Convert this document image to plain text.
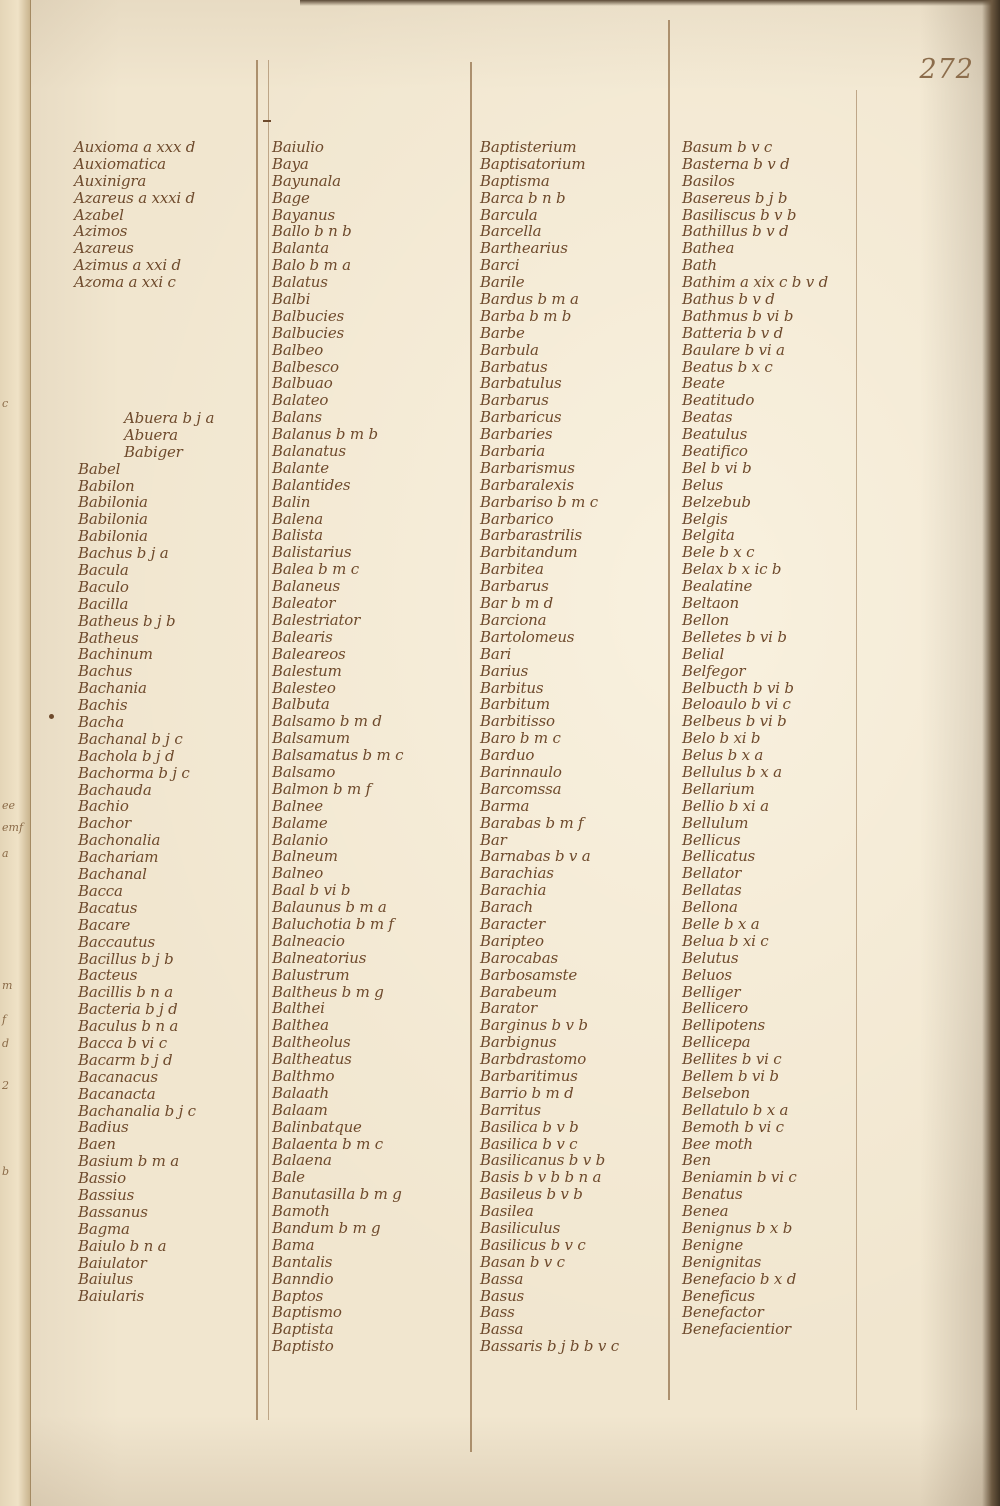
c
ee
emf
a
m
f
d
2
b
272
Auxioma a xxx d
Auxiomatica
Auxinigra
Azareus a xxxi d
Azabel
Azimos
Azareus
Azimus a xxi d
Azoma a xxi c
Abuera b j a
Abuera
Babiger
Babel
Babilon
Babilonia
Babilonia
Babilonia
Bachus b j a
Bacula
Baculo
Bacilla
Batheus b j b
Batheus
Bachinum
Bachus
Bachania
Bachis
Bacha
Bachanal b j c
Bachola b j d
Bachorma b j c
Bachauda
Bachio
Bachor
Bachonalia
Bachariam
Bachanal
Bacca
Bacatus
Bacare
Baccautus
Bacillus b j b
Bacteus
Bacillis b n a
Bacteria b j d
Baculus b n a
Bacca b vi c
Bacarm b j d
Bacanacus
Bacanacta
Bachanalia b j c
Badius
Baen
Basium b m a
Bassio
Bassius
Bassanus
Bagma
Baiulo b n a
Baiulator
Baiulus
Baiularis
Baiulio
Baya
Bayunala
Bage
Bayanus
Ballo b n b
Balanta
Balo b m a
Balatus
Balbi
Balbucies
Balbucies
Balbeo
Balbesco
Balbuao
Balateo
Balans
Balanus b m b
Balanatus
Balante
Balantides
Balin
Balena
Balista
Balistarius
Balea b m c
Balaneus
Baleator
Balestriator
Balearis
Baleareos
Balestum
Balesteo
Balbuta
Balsamo b m d
Balsamum
Balsamatus b m c
Balsamo
Balmon b m f
Balnee
Balame
Balanio
Balneum
Balneo
Baal b vi b
Balaunus b m a
Baluchotia b m f
Balneacio
Balneatorius
Balustrum
Baltheus b m g
Balthei
Balthea
Baltheolus
Baltheatus
Balthmo
Balaath
Balaam
Balinbatque
Balaenta b m c
Balaena
Bale
Banutasilla b m g
Bamoth
Bandum b m g
Bama
Bantalis
Banndio
Baptos
Baptismo
Baptista
Baptisto
Baptisterium
Baptisatorium
Baptisma
Barca b n b
Barcula
Barcella
Barthearius
Barci
Barile
Bardus b m a
Barba b m b
Barbe
Barbula
Barbatus
Barbatulus
Barbarus
Barbaricus
Barbaries
Barbaria
Barbarismus
Barbaralexis
Barbariso b m c
Barbarico
Barbarastrilis
Barbitandum
Barbitea
Barbarus
Bar b m d
Barciona
Bartolomeus
Bari
Barius
Barbitus
Barbitum
Barbitisso
Baro b m c
Barduo
Barinnaulo
Barcomssa
Barma
Barabas b m f
Bar
Barnabas b v a
Barachias
Barachia
Barach
Baracter
Baripteo
Barocabas
Barbosamste
Barabeum
Barator
Barginus b v b
Barbignus
Barbdrastomo
Barbaritimus
Barrio b m d
Barritus
Basilica b v b
Basilica b v c
Basilicanus b v b
Basis b v b b n a
Basileus b v b
Basilea
Basiliculus
Basilicus b v c
Basan b v c
Bassa
Basus
Bass
Bassa
Bassaris b j b b v c
Basum b v c
Basterna b v d
Basilos
Basereus b j b
Basiliscus b v b
Bathillus b v d
Bathea
Bath
Bathim a xix c b v d
Bathus b v d
Bathmus b vi b
Batteria b v d
Baulare b vi a
Beatus b x c
Beate
Beatitudo
Beatas
Beatulus
Beatifico
Bel b vi b
Belus
Belzebub
Belgis
Belgita
Bele b x c
Belax b x ic b
Bealatine
Beltaon
Bellon
Belletes b vi b
Belial
Belfegor
Belbucth b vi b
Beloaulo b vi c
Belbeus b vi b
Belo b xi b
Belus b x a
Bellulus b x a
Bellarium
Bellio b xi a
Bellulum
Bellicus
Bellicatus
Bellator
Bellatas
Bellona
Belle b x a
Belua b xi c
Belutus
Beluos
Belliger
Bellicero
Bellipotens
Bellicepa
Bellites b vi c
Bellem b vi b
Belsebon
Bellatulo b x a
Bemoth b vi c
Bee moth
Ben
Beniamin b vi c
Benatus
Benea
Benignus b x b
Benigne
Benignitas
Benefacio b x d
Beneficus
Benefactor
Benefacientior
